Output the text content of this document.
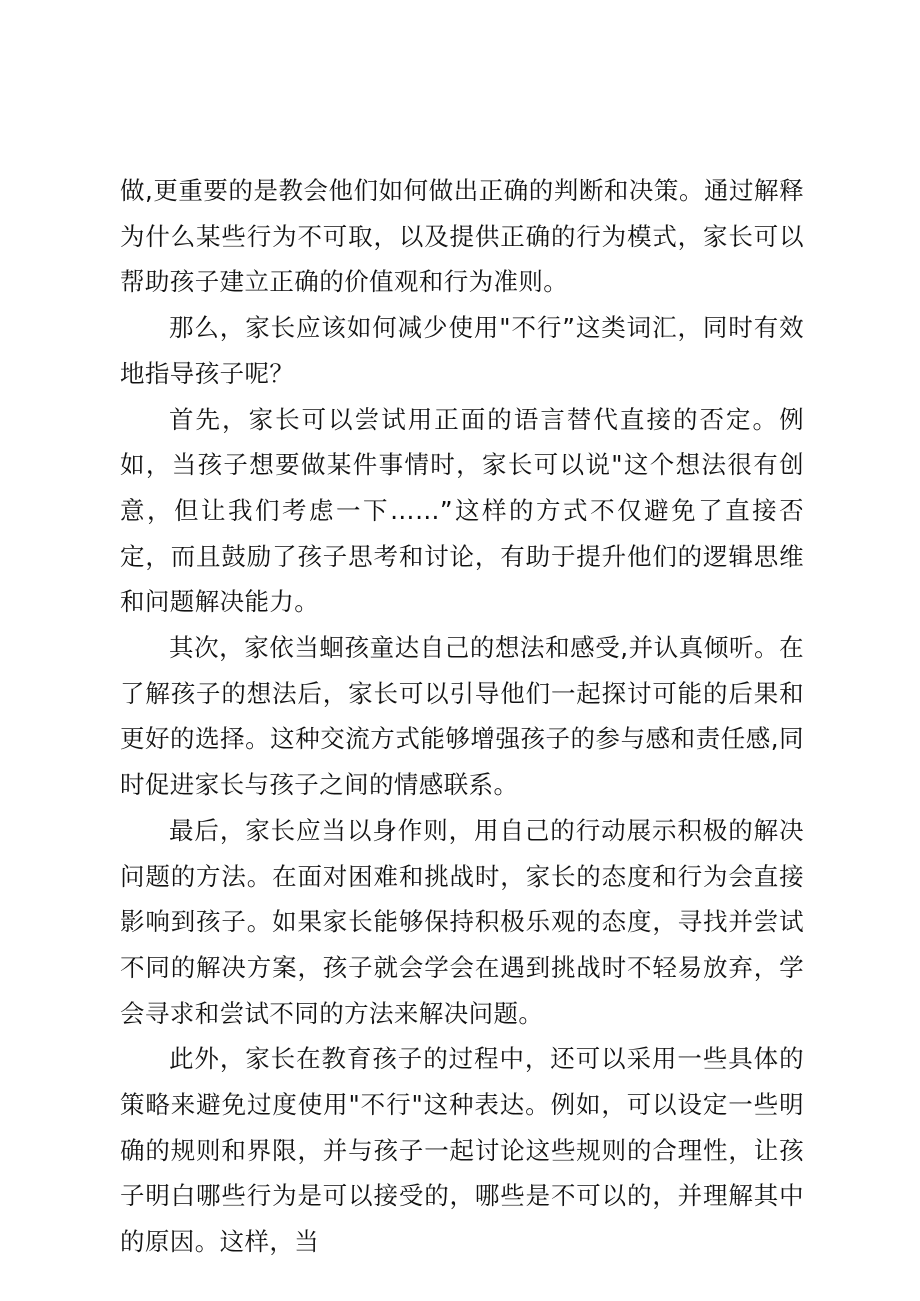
做,更重要的是教会他们如何做出正确的判断和决策。通过解释为什么某些行为不可取，以及提供正确的行为模式，家长可以帮助孩子建立正确的价值观和行为准则。

那么，家长应该如何减少使用"不行”这类词汇，同时有效地指导孩子呢？

首先，家长可以尝试用正面的语言替代直接的否定。例如，当孩子想要做某件事情时，家长可以说"这个想法很有创意，但让我们考虑一下……”这样的方式不仅避免了直接否定，而且鼓励了孩子思考和讨论，有助于提升他们的逻辑思维和问题解决能力。

其次，家依当蛔孩童达自己的想法和感受,并认真倾听。在了解孩子的想法后，家长可以引导他们一起探讨可能的后果和更好的选择。这种交流方式能够增强孩子的参与感和责任感,同时促进家长与孩子之间的情感联系。

最后，家长应当以身作则，用自己的行动展示积极的解决问题的方法。在面对困难和挑战时，家长的态度和行为会直接影响到孩子。如果家长能够保持积极乐观的态度，寻找并尝试不同的解决方案，孩子就会学会在遇到挑战时不轻易放弃，学会寻求和尝试不同的方法来解决问题。

此外，家长在教育孩子的过程中，还可以采用一些具体的策略来避免过度使用"不行"这种表达。例如，可以设定一些明确的规则和界限，并与孩子一起讨论这些规则的合理性，让孩子明白哪些行为是可以接受的，哪些是不可以的，并理解其中的原因。这样，当
